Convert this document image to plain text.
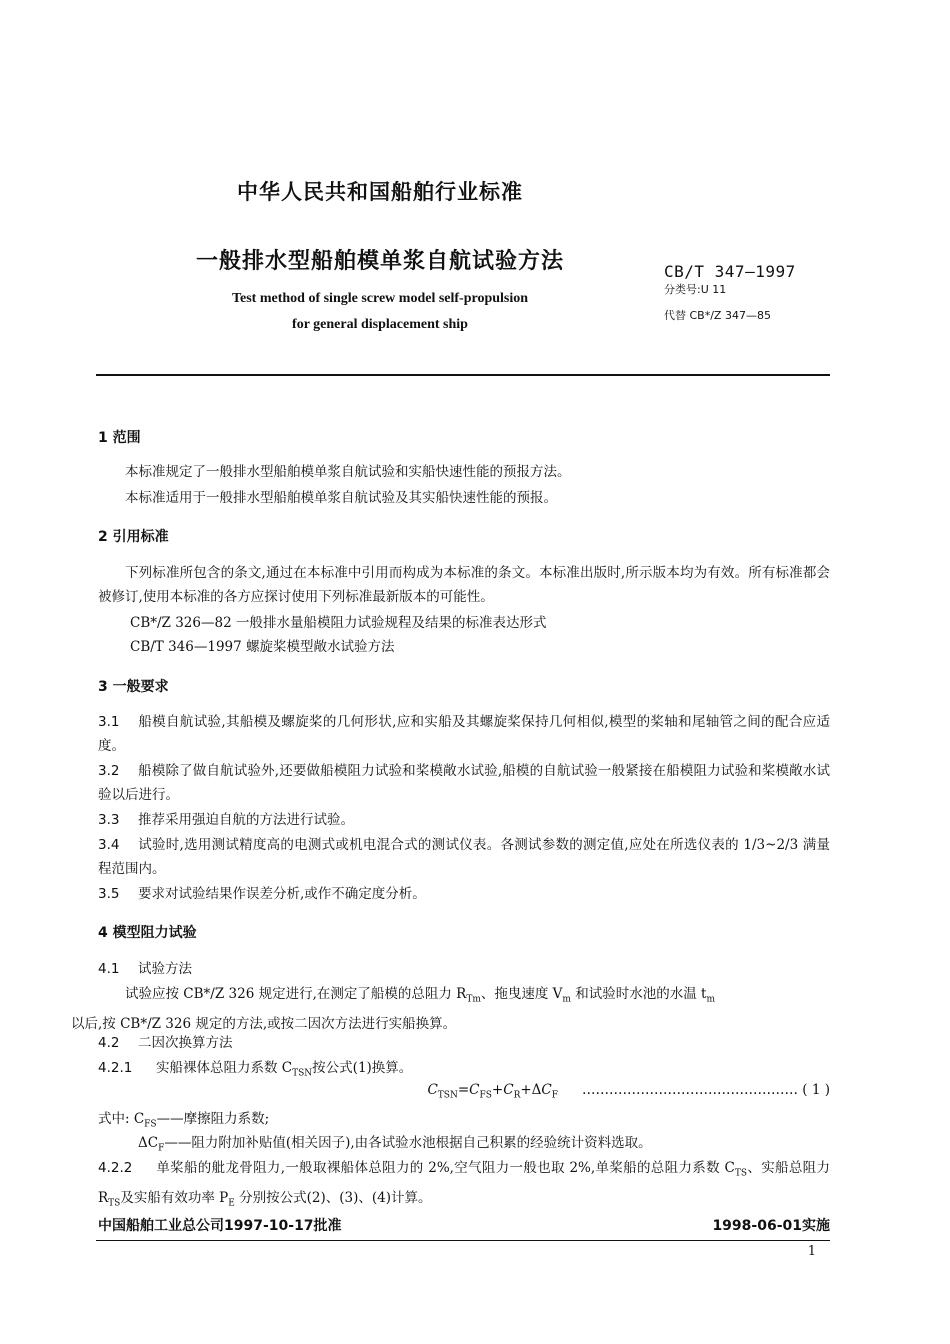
中华人民共和国船舶行业标准
一般排水型船舶模单浆自航试验方法
Test method of single screw model self-propulsion
for general displacement ship
CB/T 347—1997
分类号:U 11
代替 CB*/Z 347—85
1 范围
本标准规定了一般排水型船舶模单浆自航试验和实船快速性能的预报方法。
本标准适用于一般排水型船舶模单浆自航试验及其实船快速性能的预报。
2 引用标准
下列标准所包含的条文,通过在本标准中引用而构成为本标准的条文。本标准出版时,所示版本均为有效。所有标准都会被修订,使用本标准的各方应探讨使用下列标准最新版本的可能性。
CB*/Z 326—82 一般排水量船模阻力试验规程及结果的标准表达形式
CB/T 346—1997 螺旋桨模型敞水试验方法
3 一般要求
3.1 船模自航试验,其船模及螺旋桨的几何形状,应和实船及其螺旋桨保持几何相似,模型的桨轴和尾轴管之间的配合应适度。
3.2 船模除了做自航试验外,还要做船模阻力试验和桨模敞水试验,船模的自航试验一般紧接在船模阻力试验和桨模敞水试验以后进行。
3.3 推荐采用强迫自航的方法进行试验。
3.4 试验时,选用测试精度高的电测式或机电混合式的测试仪表。各测试参数的测定值,应处在所选仪表的 1/3~2/3 满量程范围内。
3.5 要求对试验结果作误差分析,或作不确定度分析。
4 模型阻力试验
4.1 试验方法
试验应按 CB*/Z 326 规定进行,在测定了船模的总阻力 $R_{Tm}$、拖曳速度 $V_m$ 和试验时水池的水温 $t_m$
以后,按 CB*/Z 326 规定的方法,或按二因次方法进行实船换算。
4.2 二因次换算方法
4.2.1 实船裸体总阻力系数 $C_{TSN}$按公式(1)换算。
$C_{TSN}=C_{FS}+C_R+\Delta C_F$ ………………………………………… ( 1 )
式中: $C_{FS}——$摩擦阻力系数;
$\Delta C_F——$阻力附加补贴值(相关因子),由各试验水池根据自己积累的经验统计资料选取。
4.2.2 单桨船的舭龙骨阻力,一般取裸船体总阻力的 2%,空气阻力一般也取 2%,单桨船的总阻力系数 $C_{TS}$、实船总阻力 $R_{TS}$及实船有效功率 $P_E$ 分别按公式(2)、(3)、(4)计算。
中国船舶工业总公司1997-10-17批准	1998-06-01实施
1
